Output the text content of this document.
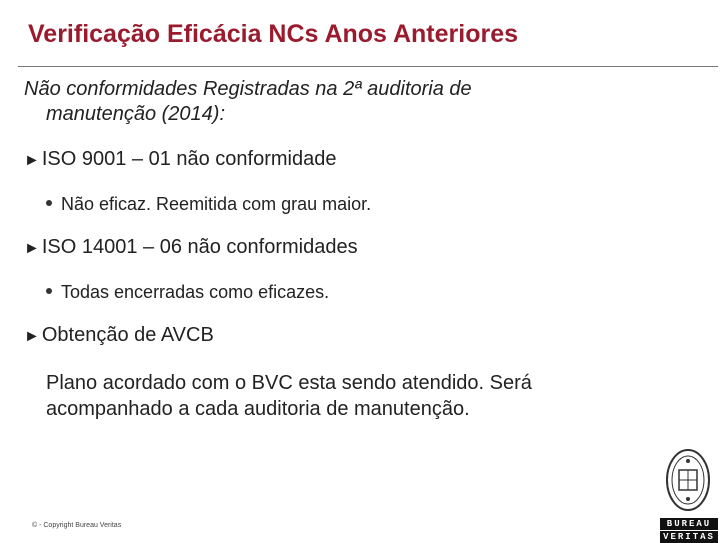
Verificação Eficácia NCs Anos Anteriores
Não conformidades Registradas na 2ª auditoria de
manutenção (2014):
► ISO 9001 – 01 não conformidade
Não eficaz. Reemitida com grau maior.
► ISO 14001 – 06 não conformidades
Todas encerradas como eficazes.
► Obtenção de AVCB
Plano acordado com o BVC esta sendo atendido. Será
acompanhado a cada auditoria de manutenção.
© - Copyright Bureau Veritas	BUREAU
VERITAS
